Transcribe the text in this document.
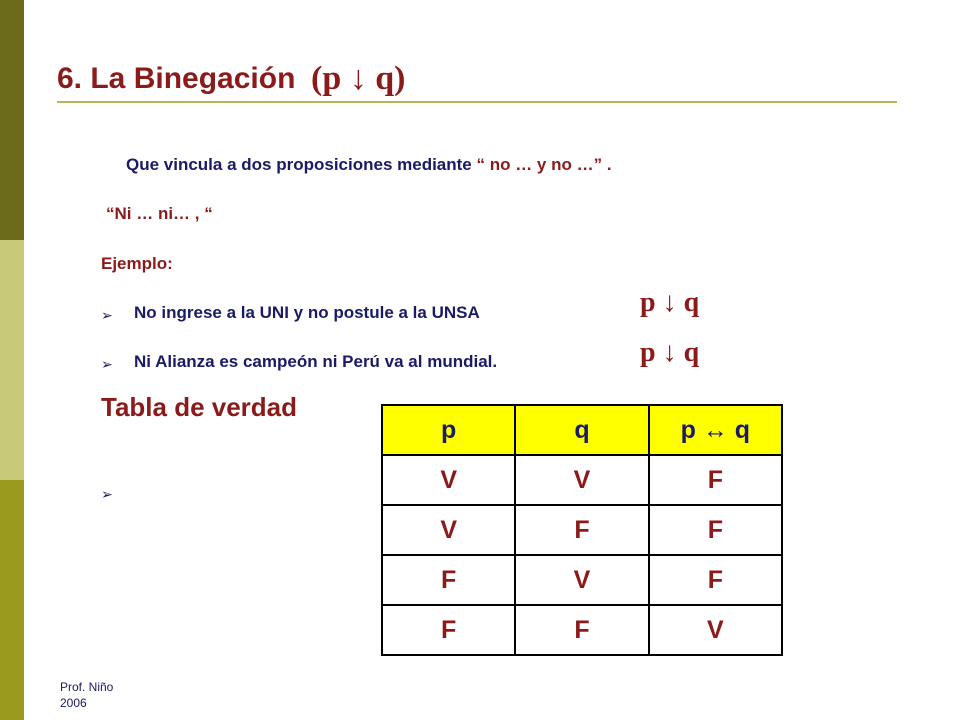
6. La Binegación (p ↓ q)
Que vincula a dos proposiciones mediante “ no … y no …” .
“Ni … ni… , “
Ejemplo:
➢ No ingrese a la UNI y no postule a la UNSA	p ↓ q
➢ Ni Alianza es campeón ni Perú va al mundial.	p ↓ q
Tabla de verdad
➢
p	q	p ↔ q
V	V	F
V	F	F
F	V	F
F	F	V
Prof. Niño
2006
